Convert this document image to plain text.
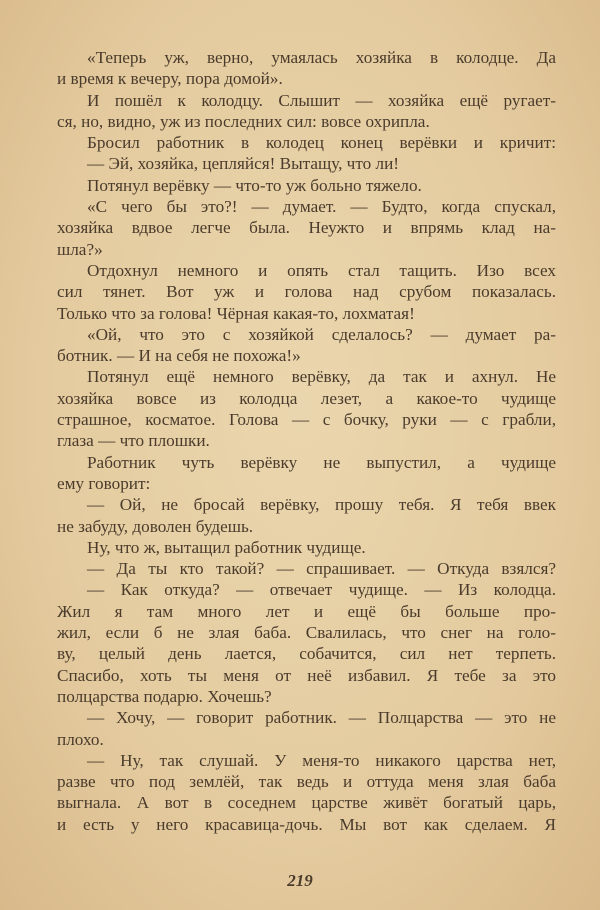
«Теперь уж, верно, умаялась хозяйка в колодце. Да
и время к вечеру, пора домой».
И пошёл к колодцу. Слышит — хозяйка ещё ругает-
ся, но, видно, уж из последних сил: вовсе охрипла.
Бросил работник в колодец конец верёвки и кричит:
— Эй, хозяйка, цепляйся! Вытащу, что ли!
Потянул верёвку — что-то уж больно тяжело.
«С чего бы это?! — думает. — Будто, когда спускал,
хозяйка вдвое легче была. Неужто и впрямь клад на-
шла?»
Отдохнул немного и опять стал тащить. Изо всех
сил тянет. Вот уж и голова над срубом показалась.
Только что за голова! Чёрная какая-то, лохматая!
«Ой, что это с хозяйкой сделалось? — думает ра-
ботник. — И на себя не похожа!»
Потянул ещё немного верёвку, да так и ахнул. Не
хозяйка вовсе из колодца лезет, а какое-то чудище
страшное, косматое. Голова — с бочку, руки — с грабли,
глаза — что плошки.
Работник чуть верёвку не выпустил, а чудище
ему говорит:
— Ой, не бросай верёвку, прошу тебя. Я тебя ввек
не забуду, доволен будешь.
Ну, что ж, вытащил работник чудище.
— Да ты кто такой? — спрашивает. — Откуда взялся?
— Как откуда? — отвечает чудище. — Из колодца.
Жил я там много лет и ещё бы больше про-
жил, если б не злая баба. Свалилась, что снег на голо-
ву, целый день лается, собачится, сил нет терпеть.
Спасибо, хоть ты меня от неё избавил. Я тебе за это
полцарства подарю. Хочешь?
— Хочу, — говорит работник. — Полцарства — это не
плохо.
— Ну, так слушай. У меня-то никакого царства нет,
разве что под землёй, так ведь и оттуда меня злая баба
выгнала. А вот в соседнем царстве живёт богатый царь,
и есть у него красавица-дочь. Мы вот как сделаем. Я
219
